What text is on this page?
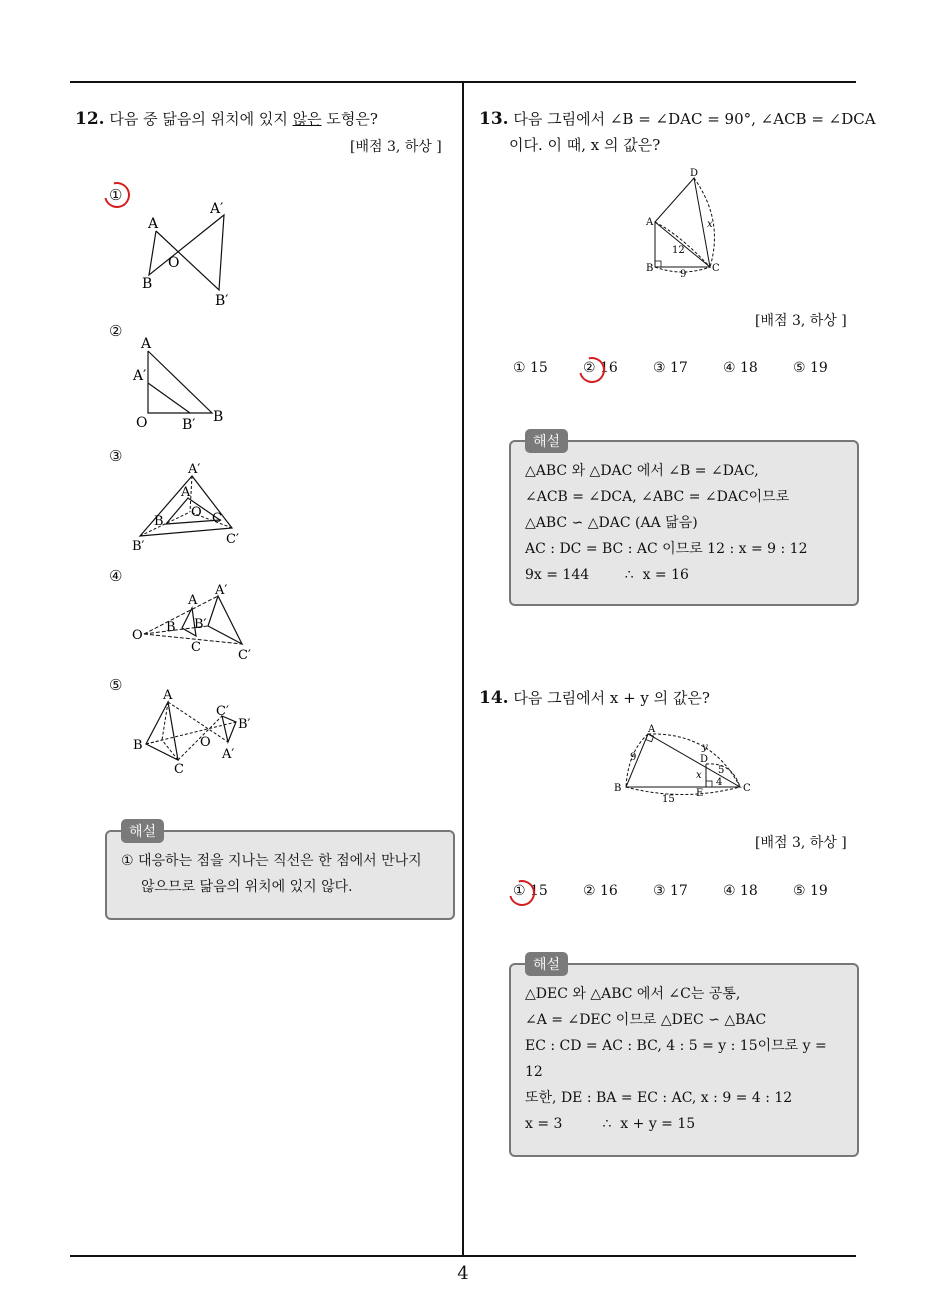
4
12. 다음 중 닮음의 위치에 있지 않은 도형은?
[배점 3, 하상 ]
①
②
③
④
⑤
A
A′
O
B
B′
A
A′
O	B
B′
A′
A
O
B	C
B′	C′
O
A
A′
B B′
C
C′
A
B
C
O
C′
B′
A′
해설
① 대응하는 점을 지나는 직선은 한 점에서 만나지
않으므로 닮음의 위치에 있지 않다.
13. 다음 그림에서 ∠B = ∠DAC = 90°, ∠ACB = ∠DCA
이다. 이 때, x 의 값은?
D
A
B	C
x
12
9
[배점 3, 하상 ]
① 15	② 16	③ 17	④ 18	⑤ 19
해설
△ABC 와 △DAC 에서 ∠B = ∠DAC,
∠ACB = ∠DCA, ∠ABC = ∠DAC이므로
△ABC ∽ △DAC (AA 닮음)
AC : DC = BC : AC 이므로 12 : x = 9 : 12
9x = 144        ∴  x = 16
14. 다음 그림에서 x + y 의 값은?
A
B	C
D
E
x
y
9
5
4
15
[배점 3, 하상 ]
① 15	② 16	③ 17	④ 18	⑤ 19
해설
△DEC 와 △ABC 에서 ∠C는 공통,
∠A = ∠DEC 이므로 △DEC ∽ △BAC
EC : CD = AC : BC, 4 : 5 = y : 15이므로 y =
12
또한, DE : BA = EC : AC, x : 9 = 4 : 12
x = 3         ∴  x + y = 15
